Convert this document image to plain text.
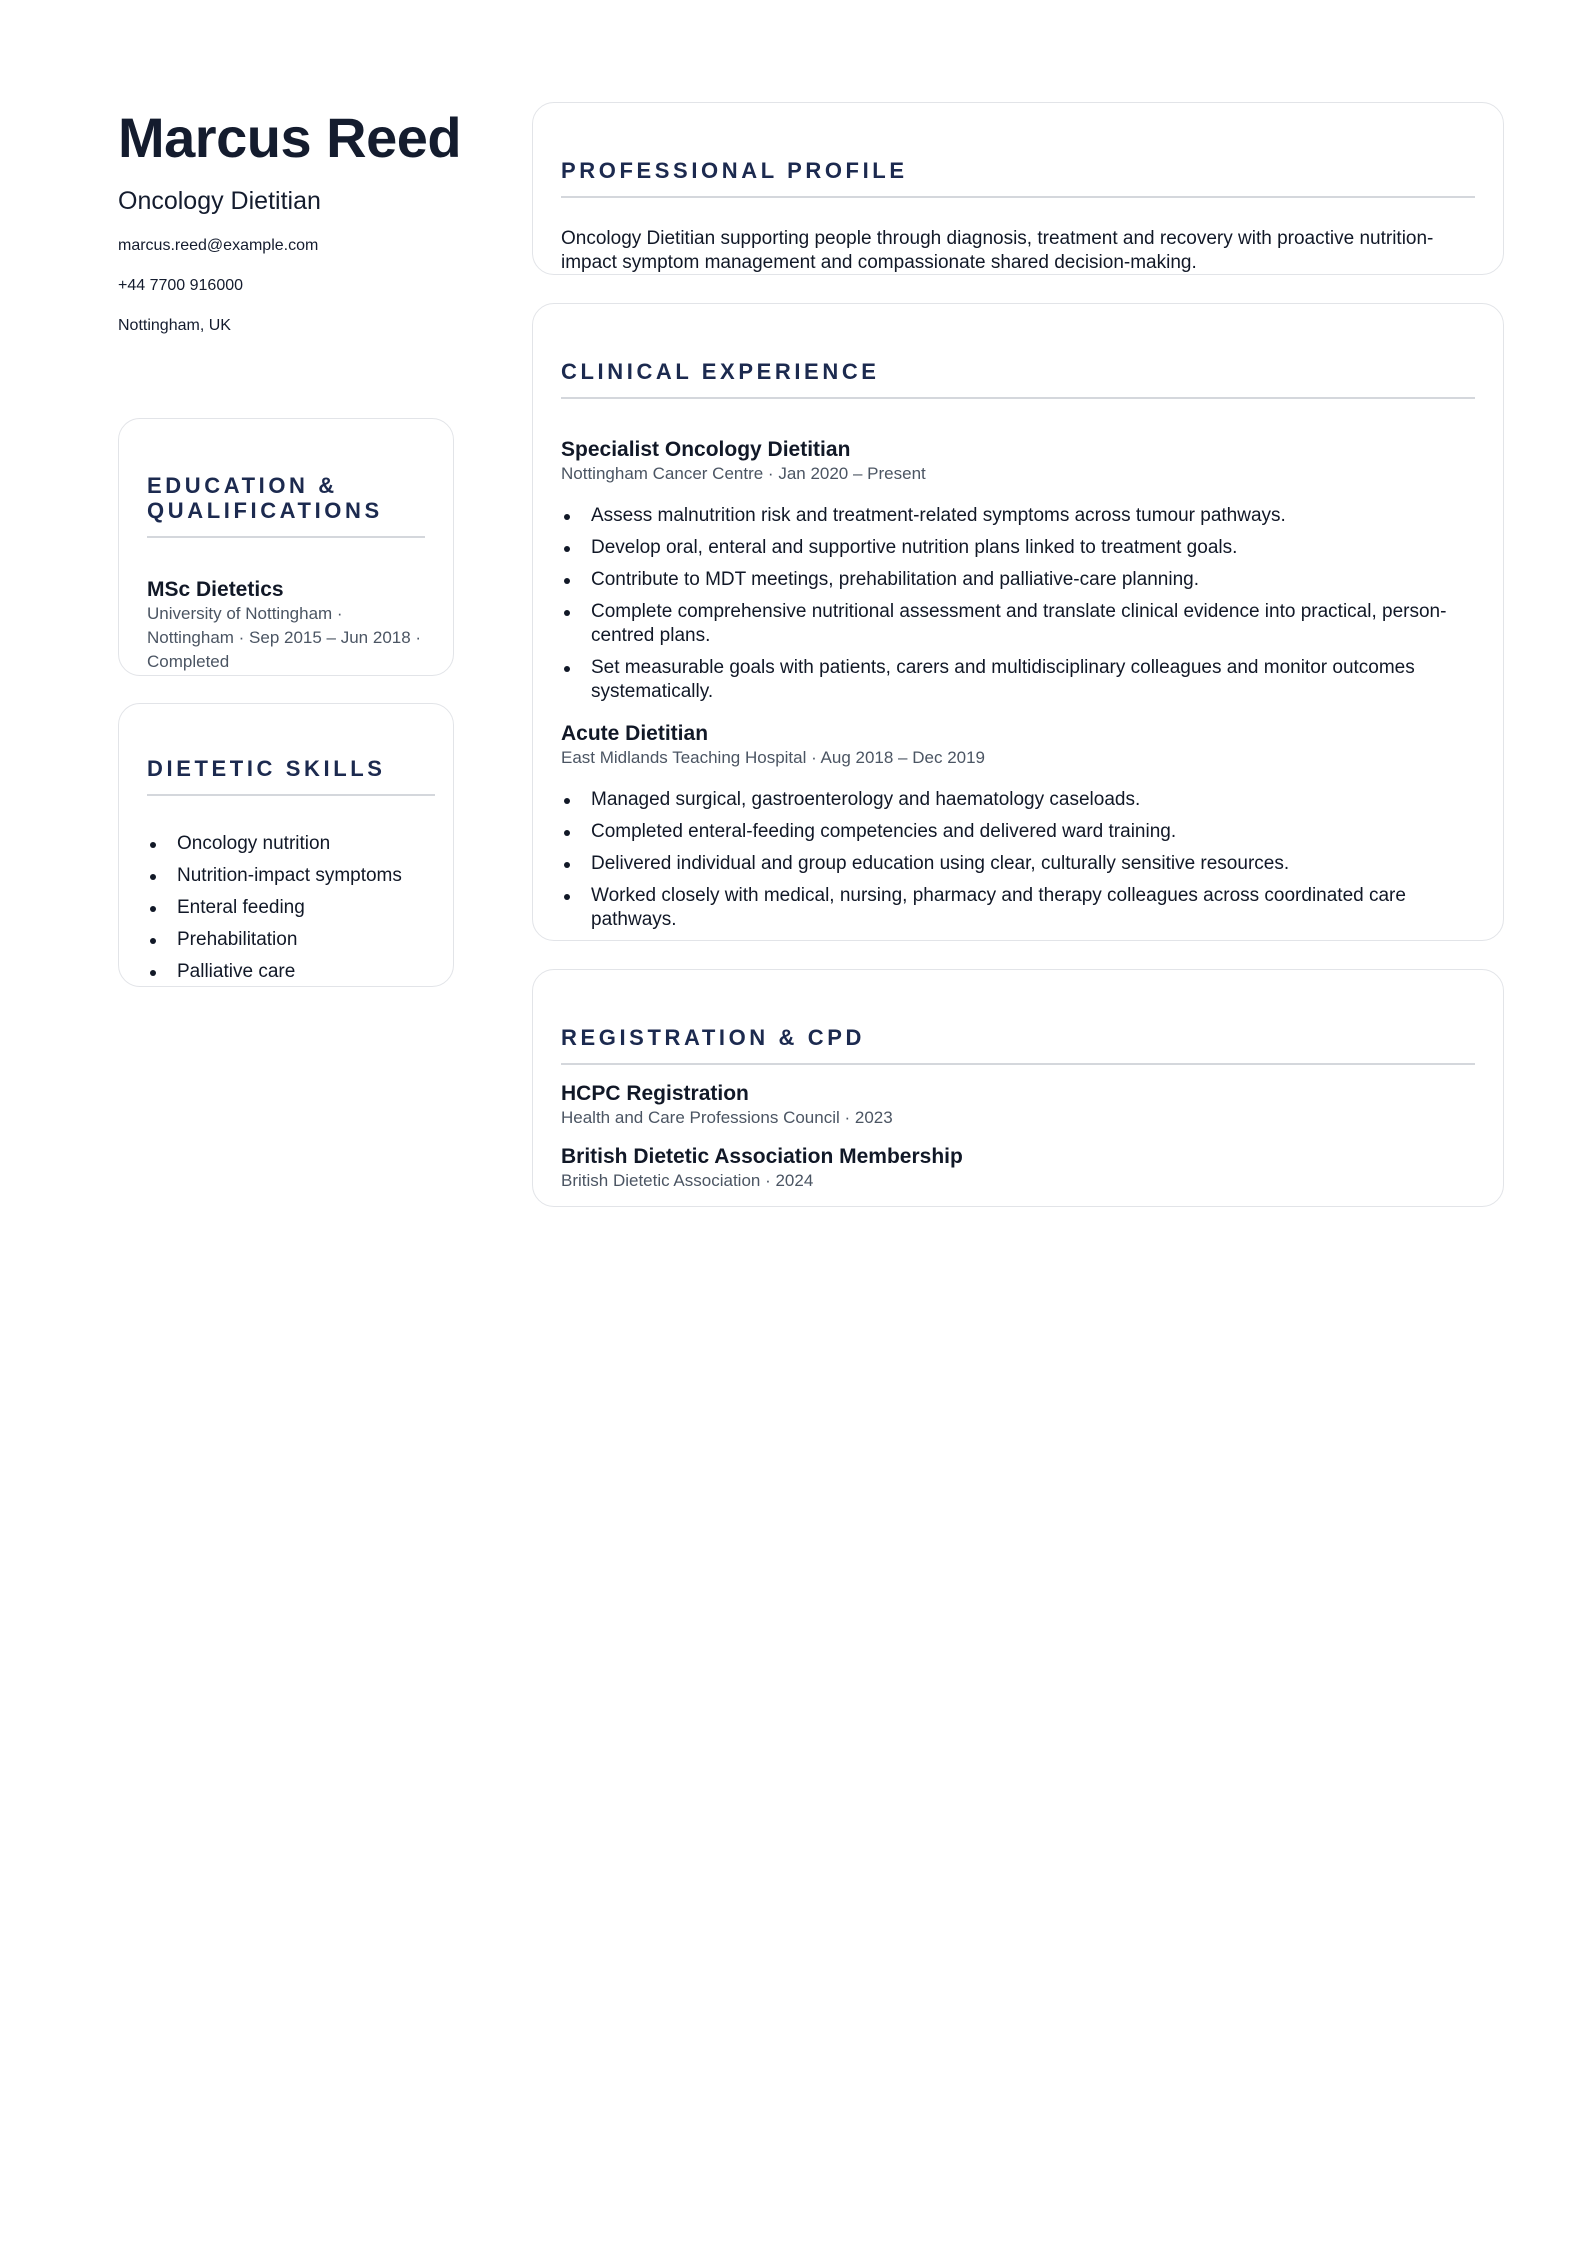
Marcus Reed
Oncology Dietitian
marcus.reed@example.com
+44 7700 916000
Nottingham, UK
EDUCATION & QUALIFICATIONS
MSc Dietetics
University of Nottingham · Nottingham · Sep 2015 – Jun 2018 · Completed
DIETETIC SKILLS
Oncology nutrition
Nutrition-impact symptoms
Enteral feeding
Prehabilitation
Palliative care
PROFESSIONAL PROFILE
Oncology Dietitian supporting people through diagnosis, treatment and recovery with proactive nutrition-impact symptom management and compassionate shared decision-making.
CLINICAL EXPERIENCE
Specialist Oncology Dietitian
Nottingham Cancer Centre · Jan 2020 – Present
Assess malnutrition risk and treatment-related symptoms across tumour pathways.
Develop oral, enteral and supportive nutrition plans linked to treatment goals.
Contribute to MDT meetings, prehabilitation and palliative-care planning.
Complete comprehensive nutritional assessment and translate clinical evidence into practical, person-centred plans.
Set measurable goals with patients, carers and multidisciplinary colleagues and monitor outcomes systematically.
Acute Dietitian
East Midlands Teaching Hospital · Aug 2018 – Dec 2019
Managed surgical, gastroenterology and haematology caseloads.
Completed enteral-feeding competencies and delivered ward training.
Delivered individual and group education using clear, culturally sensitive resources.
Worked closely with medical, nursing, pharmacy and therapy colleagues across coordinated care pathways.
REGISTRATION & CPD
HCPC Registration
Health and Care Professions Council · 2023
British Dietetic Association Membership
British Dietetic Association · 2024
